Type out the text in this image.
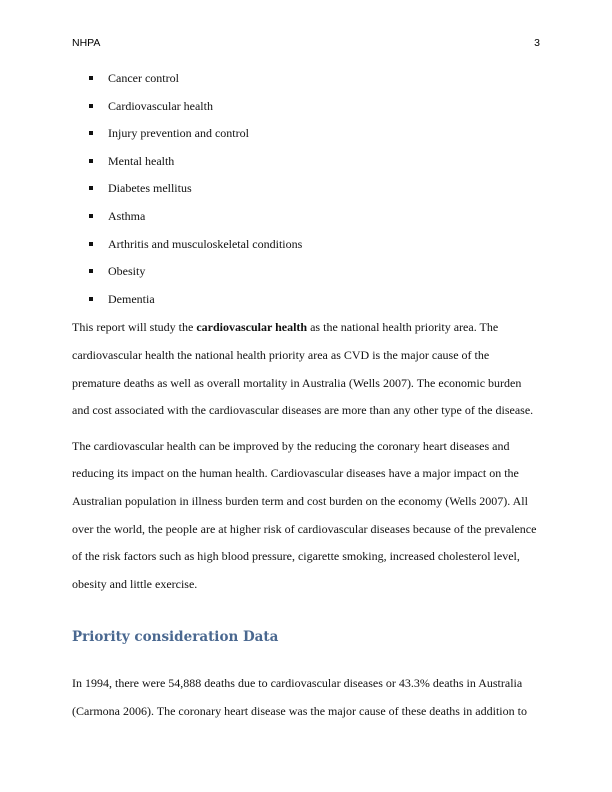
NHPA	3
Cancer control
Cardiovascular health
Injury prevention and control
Mental health
Diabetes mellitus
Asthma
Arthritis and musculoskeletal conditions
Obesity
Dementia

This report will study the cardiovascular health as the national health priority area. The
cardiovascular health the national health priority area as CVD is the major cause of the
premature deaths as well as overall mortality in Australia (Wells 2007). The economic burden
and cost associated with the cardiovascular diseases are more than any other type of the disease.

The cardiovascular health can be improved by the reducing the coronary heart diseases and
reducing its impact on the human health. Cardiovascular diseases have a major impact on the
Australian population in illness burden term and cost burden on the economy (Wells 2007). All
over the world, the people are at higher risk of cardiovascular diseases because of the prevalence
of the risk factors such as high blood pressure, cigarette smoking, increased cholesterol level,
obesity and little exercise.

Priority consideration Data

In 1994, there were 54,888 deaths due to cardiovascular diseases or 43.3% deaths in Australia
(Carmona 2006). The coronary heart disease was the major cause of these deaths in addition to
